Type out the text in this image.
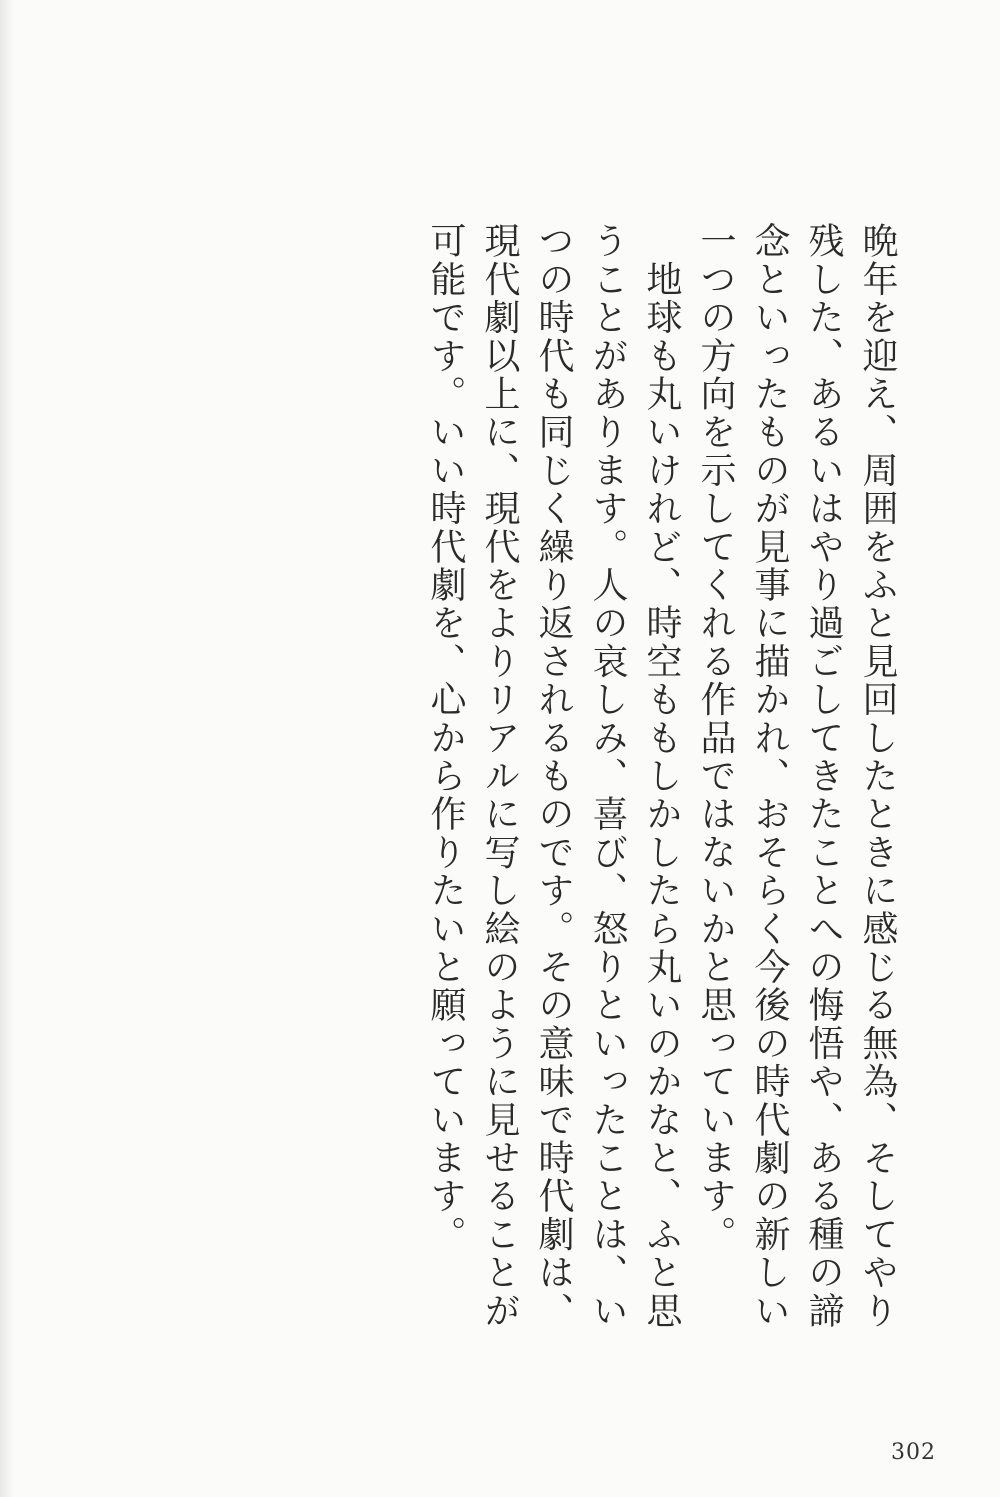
晩年を迎え、周囲をふと見回したときに感じる無為、そしてやり残した、あるいはやり過ごしてきたことへの悔悟や、ある種の諦念といったものが見事に描かれ、おそらく今後の時代劇の新しい一つの方向を示してくれる作品ではないかと思っています。

　地球も丸いけれど、時空ももしかしたら丸いのかなと、ふと思うことがあります。人の哀しみ、喜び、怒りといったことは、いつの時代も同じく繰り返されるものです。その意味で時代劇は、現代劇以上に、現代をよりリアルに写し絵のように見せることが可能です。いい時代劇を、心から作りたいと願っています。

302
